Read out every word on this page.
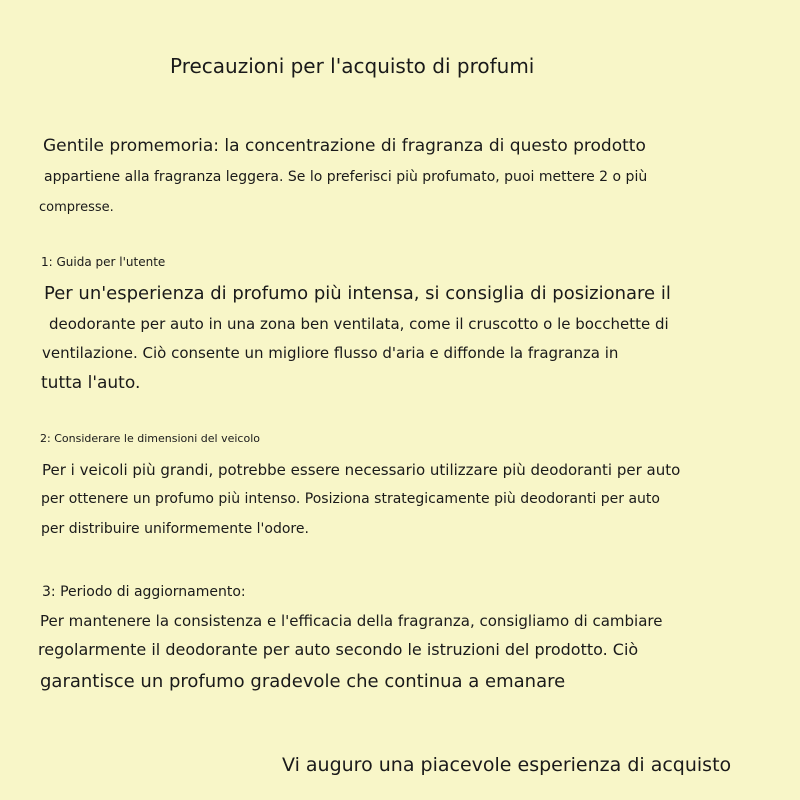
Precauzioni per l'acquisto di profumi
Gentile promemoria: la concentrazione di fragranza di questo prodotto
appartiene alla fragranza leggera. Se lo preferisci più profumato, puoi mettere 2 o più
compresse.
1: Guida per l'utente
Per un'esperienza di profumo più intensa, si consiglia di posizionare il
deodorante per auto in una zona ben ventilata, come il cruscotto o le bocchette di
ventilazione. Ciò consente un migliore flusso d'aria e diffonde la fragranza in
tutta l'auto.
2: Considerare le dimensioni del veicolo
Per i veicoli più grandi, potrebbe essere necessario utilizzare più deodoranti per auto
per ottenere un profumo più intenso. Posiziona strategicamente più deodoranti per auto
per distribuire uniformemente l'odore.
3: Periodo di aggiornamento:
Per mantenere la consistenza e l'efficacia della fragranza, consigliamo di cambiare
regolarmente il deodorante per auto secondo le istruzioni del prodotto. Ciò
garantisce un profumo gradevole che continua a emanare
Vi auguro una piacevole esperienza di acquisto
